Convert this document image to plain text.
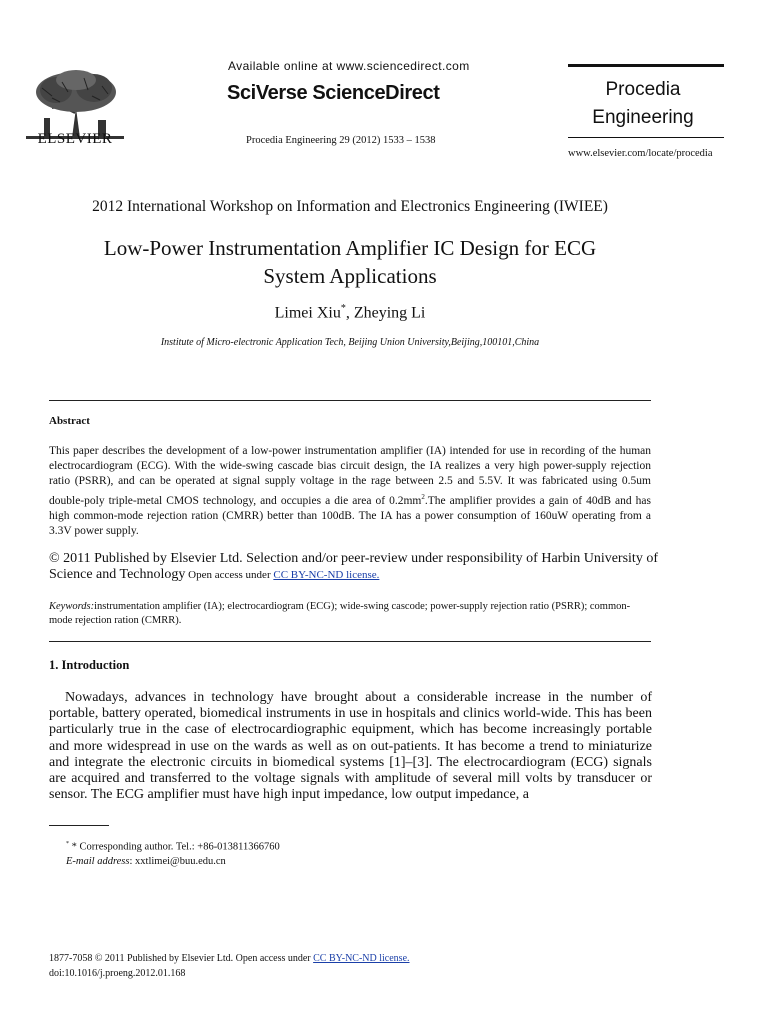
ELSEVIER
Available online at www.sciencedirect.com
SciVerse ScienceDirect
Procedia Engineering 29 (2012) 1533 – 1538
Procedia
Engineering
www.elsevier.com/locate/procedia
2012 International Workshop on Information and Electronics Engineering (IWIEE)
Low-Power Instrumentation Amplifier IC Design for ECG
System Applications
Limei Xiu*, Zheying Li
Institute of Micro-electronic Application Tech, Beijing Union University,Beijing,100101,China
Abstract
This paper describes the development of a low-power instrumentation amplifier (IA) intended for use in recording of the human electrocardiogram (ECG). With the wide-swing cascade bias circuit design, the IA realizes a very high power-supply rejection ratio (PSRR), and can be operated at signal supply voltage in the rage between 2.5 and 5.5V. It was fabricated using 0.5um double-poly triple-metal CMOS technology, and occupies a die area of $0.2mm^2.The$ amplifier provides a gain of 40dB and has high common-mode rejection ration (CMRR) better than 100dB. The IA has a power consumption of 160uW operating from a 3.3V power supply.
© 2011 Published by Elsevier Ltd. Selection and/or peer-review under responsibility of Harbin University of Science and Technology Open access under CC BY-NC-ND license.
Keywords:instrumentation amplifier (IA); electrocardiogram (ECG); wide-swing cascode; power-supply rejection ratio (PSRR); common-mode rejection ration (CMRR).
1. Introduction
Nowadays, advances in technology have brought about a considerable increase in the number of portable, battery operated, biomedical instruments in use in hospitals and clinics world-wide. This has been particularly true in the case of electrocardiographic equipment, which has become increasingly portable and more widespread in use on the wards as well as on out-patients. It has become a trend to miniaturize and integrate the electronic circuits in biomedical systems [1]–[3]. The electrocardiogram (ECG) signals are acquired and transferred to the voltage signals with amplitude of several mill volts by transducer or sensor. The ECG amplifier must have high input impedance, low output impedance, a
* * Corresponding author. Tel.: +86-013811366760
E-mail address: xxtlimei@buu.edu.cn
1877-7058 © 2011 Published by Elsevier Ltd. Open access under CC BY-NC-ND license.
doi:10.1016/j.proeng.2012.01.168
